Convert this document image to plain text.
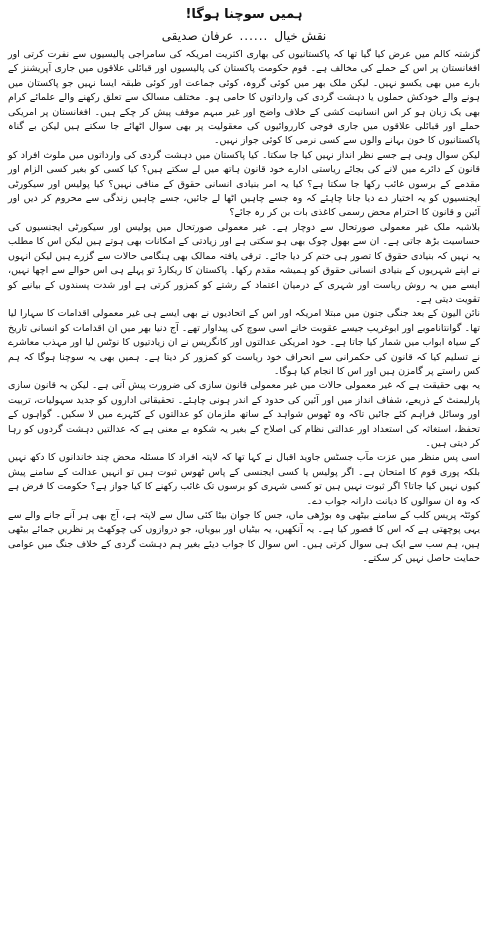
ہمیں سوچنا ہوگا!
نقش خیال
......
عرفان صدیقی

گزشتہ کالم میں عرض کیا گیا تھا کہ پاکستانیوں کی بھاری اکثریت امریکہ کی سامراجی پالیسیوں سے نفرت کرتی اور افغانستان پر اس کے حملے کی مخالف ہے۔ قوم حکومت پاکستان کی پالیسیوں اور قبائلی علاقوں میں جاری آپریشنز کے بارے میں بھی یکسو نہیں۔ لیکن ملک بھر میں کوئی گروہ، کوئی جماعت اور کوئی طبقہ ایسا نہیں جو پاکستان میں ہونے والے خودکش حملوں یا دہشت گردی کی وارداتوں کا حامی ہو۔ مختلف مسالک سے تعلق رکھنے والے علمائے کرام بھی یک زبان ہو کر اس انسانیت کشی کے خلاف واضح اور غیر مبہم موقف پیش کر چکے ہیں۔ افغانستان پر امریکی حملے اور قبائلی علاقوں میں جاری فوجی کارروائیوں کی معقولیت پر بھی سوال اٹھائے جا سکتے ہیں لیکن بے گناہ پاکستانیوں کا خون بہانے والوں سے کسی نرمی کا کوئی جواز نہیں۔

لیکن سوال وہی ہے جسے نظر انداز نہیں کیا جا سکتا۔ کیا پاکستان میں دہشت گردی کی وارداتوں میں ملوث افراد کو قانون کے دائرے میں لانے کی بجائے ریاستی ادارے خود قانون ہاتھ میں لے سکتے ہیں؟ کیا کسی کو بغیر کسی الزام اور مقدمے کے برسوں غائب رکھا جا سکتا ہے؟ کیا یہ امر بنیادی انسانی حقوق کے منافی نہیں؟ کیا پولیس اور سیکورٹی ایجنسیوں کو یہ اختیار دے دیا جانا چاہئے کہ وہ جسے چاہیں اٹھا لے جائیں، جسے چاہیں زندگی سے محروم کر دیں اور آئین و قانون کا احترام محض رسمی کاغذی بات بن کر رہ جائے؟

بلاشبہ ملک غیر معمولی صورتحال سے دوچار ہے۔ غیر معمولی صورتحال میں پولیس اور سیکورٹی ایجنسیوں کی حساسیت بڑھ جاتی ہے۔ ان سے بھول چوک بھی ہو سکتی ہے اور زیادتی کے امکانات بھی ہوتے ہیں لیکن اس کا مطلب یہ نہیں کہ بنیادی حقوق کا تصور ہی ختم کر دیا جائے۔ ترقی یافتہ ممالک بھی ہنگامی حالات سے گزرے ہیں لیکن انہوں نے اپنے شہریوں کے بنیادی انسانی حقوق کو ہمیشہ مقدم رکھا۔ پاکستان کا ریکارڈ تو پہلے ہی اس حوالے سے اچھا نہیں، ایسے میں یہ روش ریاست اور شہری کے درمیان اعتماد کے رشتے کو کمزور کرتی ہے اور شدت پسندوں کے بیانیے کو تقویت دیتی ہے۔

نائن الیون کے بعد جنگی جنون میں مبتلا امریکہ اور اس کے اتحادیوں نے بھی ایسے ہی غیر معمولی اقدامات کا سہارا لیا تھا۔ گوانتاناموبے اور ابوغریب جیسے عقوبت خانے اسی سوچ کی پیداوار تھے۔ آج دنیا بھر میں ان اقدامات کو انسانی تاریخ کے سیاہ ابواب میں شمار کیا جاتا ہے۔ خود امریکی عدالتوں اور کانگریس نے ان زیادتیوں کا نوٹس لیا اور مہذب معاشرے نے تسلیم کیا کہ قانون کی حکمرانی سے انحراف خود ریاست کو کمزور کر دیتا ہے۔ ہمیں بھی یہ سوچنا ہوگا کہ ہم کس راستے پر گامزن ہیں اور اس کا انجام کیا ہوگا۔

یہ بھی حقیقت ہے کہ غیر معمولی حالات میں غیر معمولی قانون سازی کی ضرورت پیش آتی ہے۔ لیکن یہ قانون سازی پارلیمنٹ کے ذریعے، شفاف انداز میں اور آئین کی حدود کے اندر ہونی چاہئے۔ تحقیقاتی اداروں کو جدید سہولیات، تربیت اور وسائل فراہم کئے جائیں تاکہ وہ ٹھوس شواہد کے ساتھ ملزمان کو عدالتوں کے کٹہرے میں لا سکیں۔ گواہوں کے تحفظ، استغاثہ کی استعداد اور عدالتی نظام کی اصلاح کے بغیر یہ شکوہ بے معنی ہے کہ عدالتیں دہشت گردوں کو رہا کر دیتی ہیں۔

اسی پس منظر میں عزت مآب جسٹس جاوید اقبال نے کہا تھا کہ لاپتہ افراد کا مسئلہ محض چند خاندانوں کا دکھ نہیں بلکہ پوری قوم کا امتحان ہے۔ اگر پولیس یا کسی ایجنسی کے پاس ٹھوس ثبوت ہیں تو انہیں عدالت کے سامنے پیش کیوں نہیں کیا جاتا؟ اگر ثبوت نہیں ہیں تو کسی شہری کو برسوں تک غائب رکھنے کا کیا جواز ہے؟ حکومت کا فرض ہے کہ وہ ان سوالوں کا دیانت دارانہ جواب دے۔

کوئٹہ پریس کلب کے سامنے بیٹھی وہ بوڑھی ماں، جس کا جوان بیٹا کئی سال سے لاپتہ ہے، آج بھی ہر آنے جانے والے سے یہی پوچھتی ہے کہ اس کا قصور کیا ہے۔ یہ آنکھیں، یہ بیٹیاں اور بیویاں، جو دروازوں کی چوکھٹ پر نظریں جمائے بیٹھی ہیں، ہم سب سے ایک ہی سوال کرتی ہیں۔ اس سوال کا جواب دیئے بغیر ہم دہشت گردی کے خلاف جنگ میں عوامی حمایت حاصل نہیں کر سکتے۔
